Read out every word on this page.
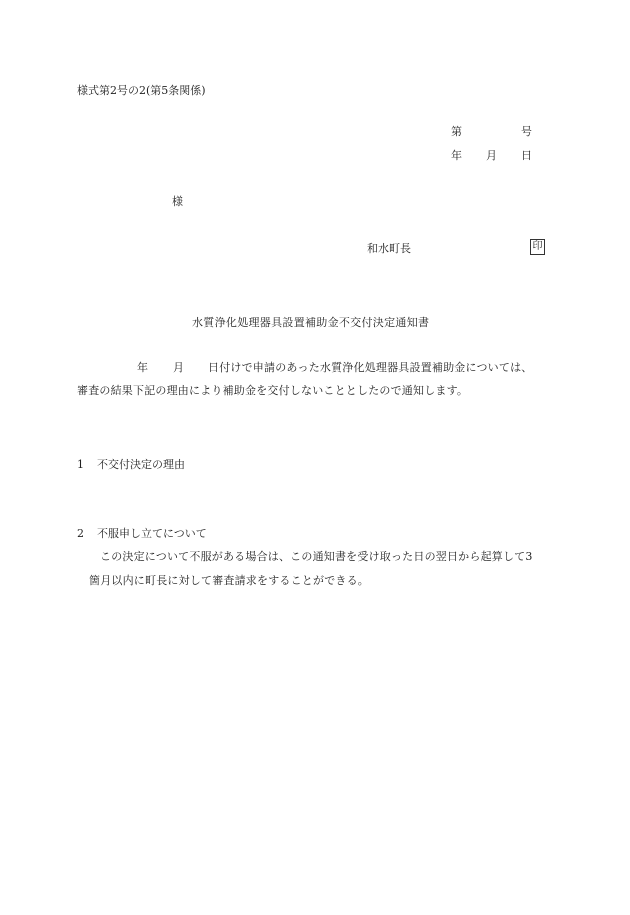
様式第2号の2(第5条関係)
第	号
年 月 日
様
和水町長	印
水質浄化処理器具設置補助金不交付決定通知書
年 月 日付けで申請のあった水質浄化処理器具設置補助金については、
審査の結果下記の理由により補助金を交付しないこととしたので通知します。
1 不交付決定の理由
2 不服申し立てについて
この決定について不服がある場合は、この通知書を受け取った日の翌日から起算して3
箇月以内に町長に対して審査請求をすることができる。
